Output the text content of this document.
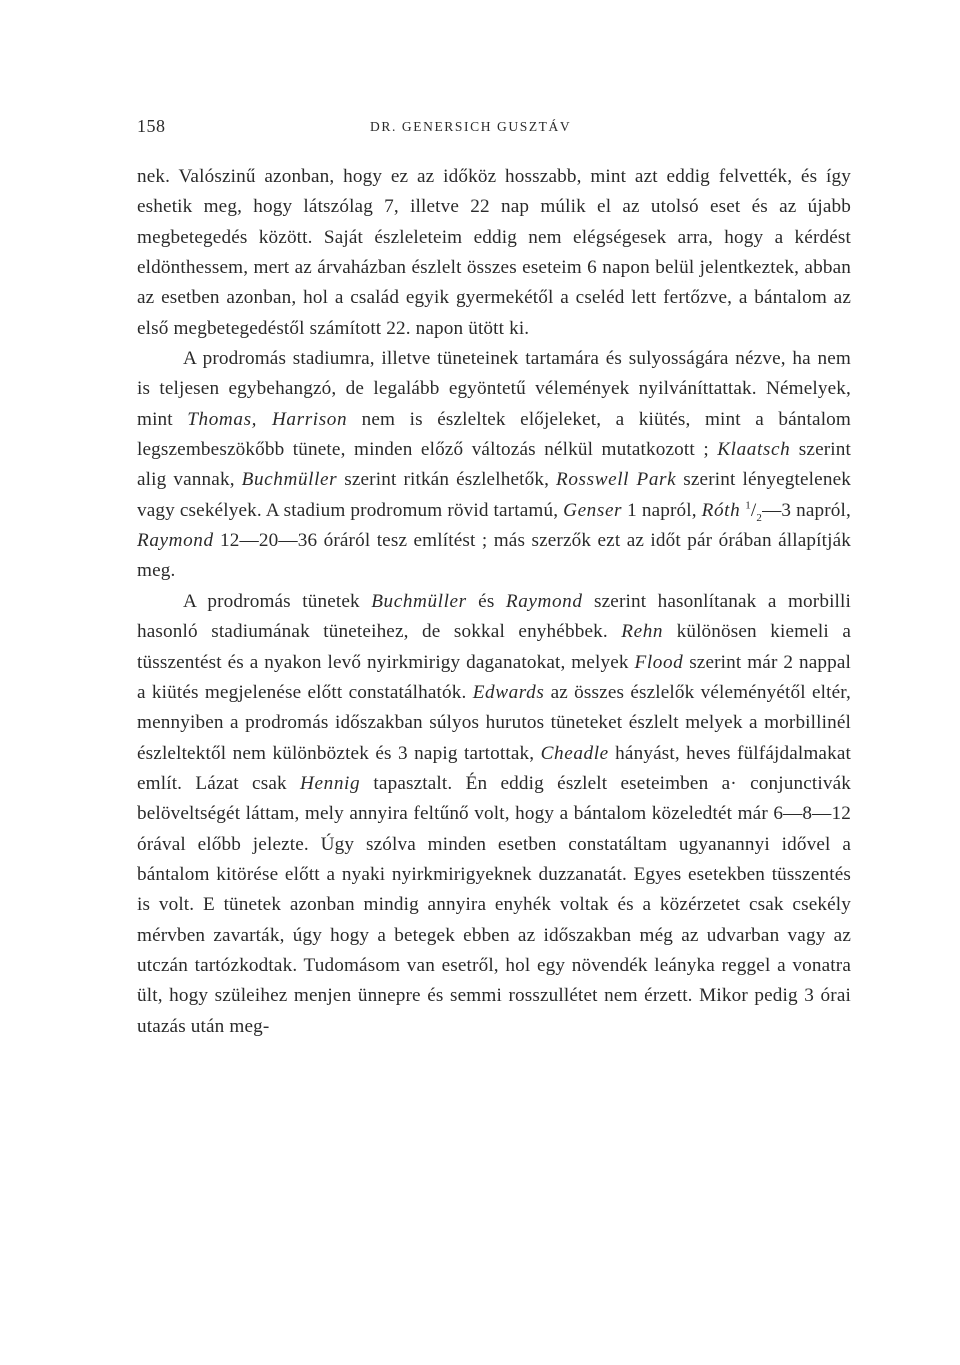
158	DR. GENERSICH GUSZTÁV

nek. Valószinű azonban, hogy ez az időköz hosszabb, mint azt eddig felvették, és így eshetik meg, hogy látszólag 7, illetve 22 nap múlik el az utolsó eset és az újabb megbetegedés között. Saját észleleteim eddig nem elégségesek arra, hogy a kérdést eldönthessem, mert az árvaházban észlelt összes eseteim 6 napon belül jelentkeztek, abban az esetben azonban, hol a család egyik gyermekétől a cseléd lett fertőzve, a bántalom az első megbetegedéstől számított 22. napon ütött ki.

A prodromás stadiumra, illetve tüneteinek tartamára és sulyosságára nézve, ha nem is teljesen egybehangzó, de legalább egyöntetű vélemények nyilváníttattak. Némelyek, mint Thomas, Harrison nem is észleltek előjeleket, a kiütés, mint a bántalom legszembeszökőbb tünete, minden előző változás nélkül mutatkozott ; Klaatsch szerint alig vannak, Buchmüller szerint ritkán észlelhetők, Rosswell Park szerint lényegtelenek vagy csekélyek. A stadium prodromum rövid tartamú, Genser 1 napról, Róth $^1/_2—3$ napról, Raymond 12—20—36 óráról tesz említést ; más szerzők ezt az időt pár órában állapítják meg.

A prodromás tünetek Buchmüller és Raymond szerint hasonlítanak a morbilli hasonló stadiumának tüneteihez, de sokkal enyhébbek. Rehn különösen kiemeli a tüsszentést és a nyakon levő nyirkmirigy daganatokat, melyek Flood szerint már 2 nappal a kiütés megjelenése előtt constatálhatók. Edwards az összes észlelők véleményétől eltér, mennyiben a prodromás időszakban súlyos hurutos tüneteket észlelt melyek a morbillinél észleltektől nem különböztek és 3 napig tartottak, Cheadle hányást, heves fülfájdalmakat említ. Lázat csak Hennig tapasztalt. Én eddig észlelt eseteimben a· conjunctivák belöveltségét láttam, mely annyira feltűnő volt, hogy a bántalom közeledtét már 6—8—12 órával előbb jelezte. Úgy szólva minden esetben constatáltam ugyanannyi idővel a bántalom kitörése előtt a nyaki nyirkmirigyeknek duzzanatát. Egyes esetekben tüsszentés is volt. E tünetek azonban mindig annyira enyhék voltak és a közérzetet csak csekély mérvben zavarták, úgy hogy a betegek ebben az időszakban még az udvarban vagy az utczán tartózkodtak. Tudomásom van esetről, hol egy növendék leányka reggel a vonatra ült, hogy szüleihez menjen ünnepre és semmi rosszullétet nem érzett. Mikor pedig 3 órai utazás után meg-
